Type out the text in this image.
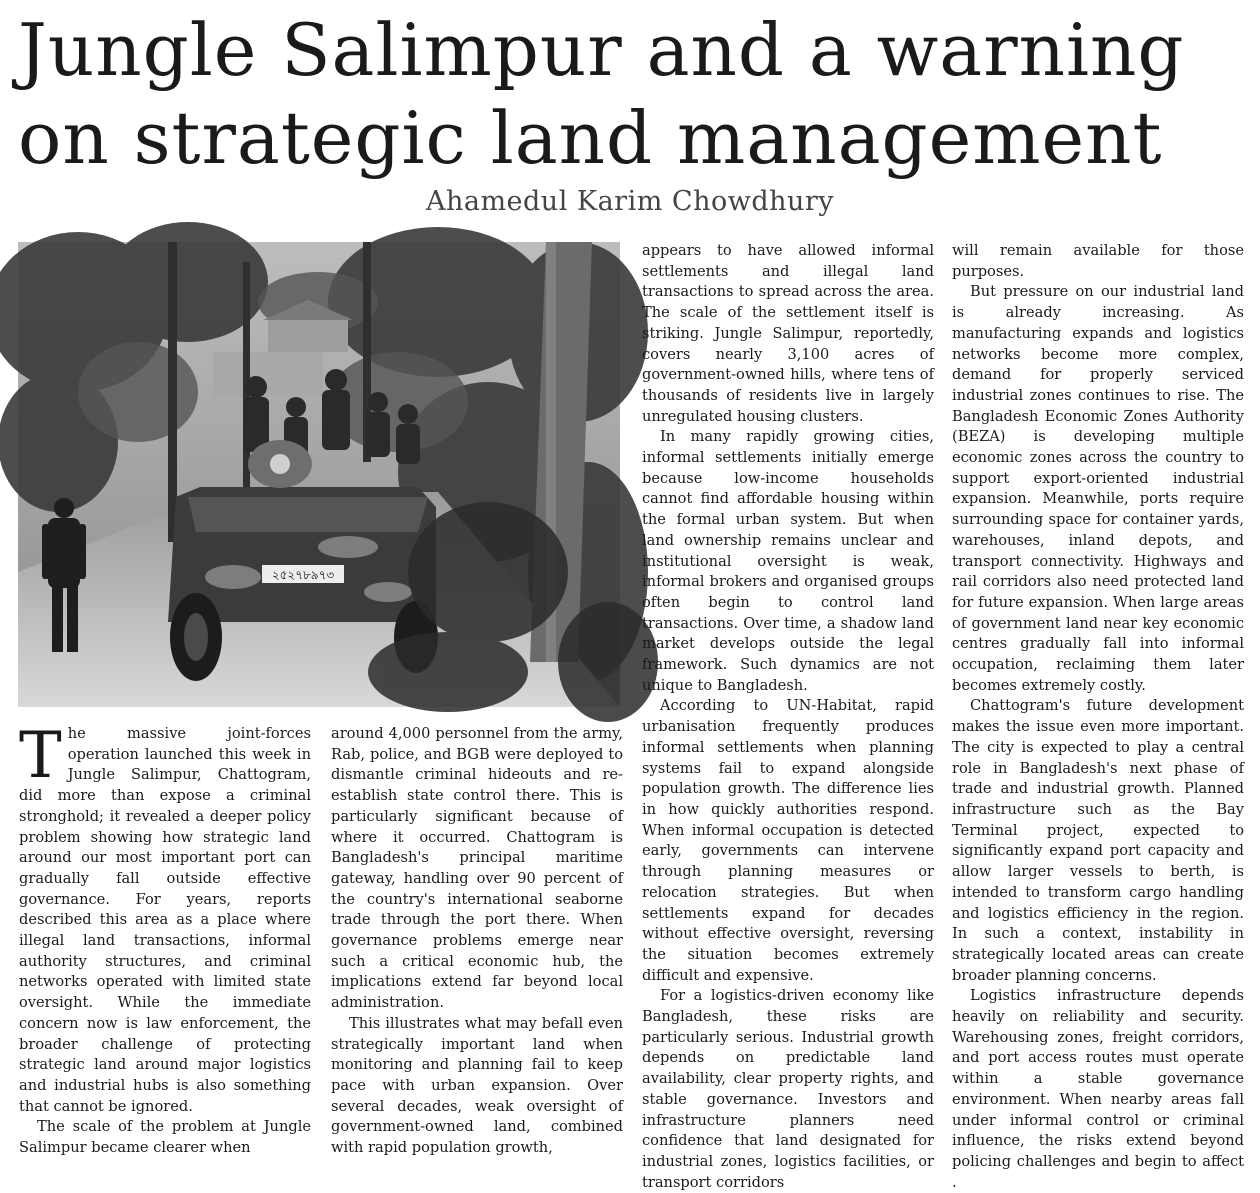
Jungle Salimpur and a warning
on strategic land management
Ahamedul Karim Chowdhury
২৫২৭৮৯৭৩

The massive joint-forces operation launched this week in Jungle Salimpur, Chattogram, did more than expose a criminal stronghold; it revealed a deeper policy problem showing how strategic land around our most important port can gradually fall outside effective governance. For years, reports described this area as a place where illegal land transactions, informal authority structures, and criminal networks operated with limited state oversight. While the immediate concern now is law enforcement, the broader challenge of protecting strategic land around major logistics and industrial hubs is also something that cannot be ignored.

The scale of the problem at Jungle Salimpur became clearer when

around 4,000 personnel from the army, Rab, police, and BGB were deployed to dismantle criminal hideouts and re-establish state control there. This is particularly significant because of where it occurred. Chattogram is Bangladesh's principal maritime gateway, handling over 90 percent of the country's international seaborne trade through the port there. When governance problems emerge near such a critical economic hub, the implications extend far beyond local administration.

This illustrates what may befall even strategically important land when monitoring and planning fail to keep pace with urban expansion. Over several decades, weak oversight of government-owned land, combined with rapid population growth,

appears to have allowed informal settlements and illegal land transactions to spread across the area. The scale of the settlement itself is striking. Jungle Salimpur, reportedly, covers nearly 3,100 acres of government-owned hills, where tens of thousands of residents live in largely unregulated housing clusters.

In many rapidly growing cities, informal settlements initially emerge because low-income households cannot find affordable housing within the formal urban system. But when land ownership remains unclear and institutional oversight is weak, informal brokers and organised groups often begin to control land transactions. Over time, a shadow land market develops outside the legal framework. Such dynamics are not unique to Bangladesh.

According to UN-Habitat, rapid urbanisation frequently produces informal settlements when planning systems fail to expand alongside population growth. The difference lies in how quickly authorities respond. When informal occupation is detected early, governments can intervene through planning measures or relocation strategies. But when settlements expand for decades without effective oversight, reversing the situation becomes extremely difficult and expensive.

For a logistics-driven economy like Bangladesh, these risks are particularly serious. Industrial growth depends on predictable land availability, clear property rights, and stable governance. Investors and infrastructure planners need confidence that land designated for industrial zones, logistics facilities, or transport corridors

will remain available for those purposes.

But pressure on our industrial land is already increasing. As manufacturing expands and logistics networks become more complex, demand for properly serviced industrial zones continues to rise. The Bangladesh Economic Zones Authority (BEZA) is developing multiple economic zones across the country to support export-oriented industrial expansion. Meanwhile, ports require surrounding space for container yards, warehouses, inland depots, and transport connectivity. Highways and rail corridors also need protected land for future expansion. When large areas of government land near key economic centres gradually fall into informal occupation, reclaiming them later becomes extremely costly.

Chattogram's future development makes the issue even more important. The city is expected to play a central role in Bangladesh's next phase of trade and industrial growth. Planned infrastructure such as the Bay Terminal project, expected to significantly expand port capacity and allow larger vessels to berth, is intended to transform cargo handling and logistics efficiency in the region. In such a context, instability in strategically located areas can create broader planning concerns.

Logistics infrastructure depends heavily on reliability and security. Warehousing zones, freight corridors, and port access routes must operate within a stable governance environment. When nearby areas fall under informal control or criminal influence, the risks extend beyond policing challenges and begin to affect .
